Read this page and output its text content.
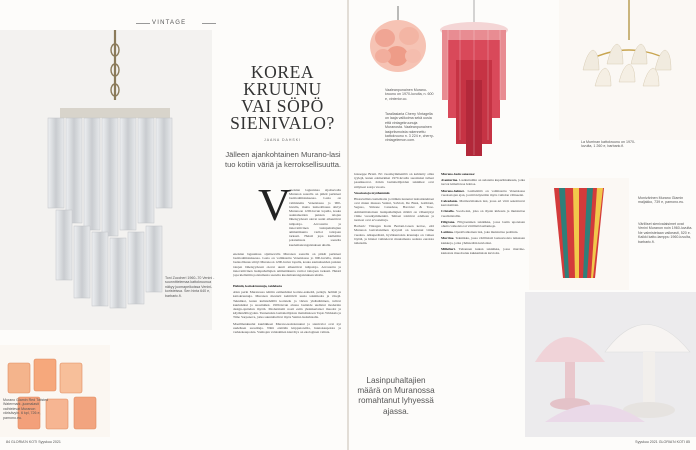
VINTAGE
Toni Zuccheri 1960–70 Venini -suunnittelemaa kattokruunua näkyy juomapeikoissa Venini-koristeissa. Sen hinta 640 e, barbaric.fi.
Murano Glamin Red Twisted Watermark -juomalasit vaihtelevat Muranon värisävyin. 6 kpl, 726 e, pamono.eu.
KOREA
KRUUNU
VAI SÖPÖ
SIENIVALO?
JAANA DAHSKI
Jälleen ajankohtainen Murano-lasi tuo kotiin väriä ja kerroksellisuutta.
V
enetsian laguunissa sijaitsevalla Muranon saarella on pitkät perinteet lasinvalmistuksessa. Lasia on valmistettu Venetsiassa jo 900-luvulla, mutta lasiteollisuus siirtyi Muranoon 1200-luvun lopulla, koska asuinalueiden puisten talojen läheisyydessä olevat uunit aiheuttivat tulipaloja. Arvostettu ja innovatiivinen lasinpuhallajien ammattikunta vartioi taitojaan tarkasti. Heistä jopa kiellettiin poistumasta saarelta kuolemanrangaistuksen uhalla.
enetsian laguunissa sijaitsevalla Muranon saarella on pitkät perinteet lasinvalmistuksessa. Lasia on valmistettu Venetsiassa jo 900-luvulla, mutta lasiteollisuus siirtyi Muranoon 1200-luvun lopulla, koska asuinalueiden puisten talojen läheisyydessä olevat uunit aiheuttivat tulipaloja. Arvostettu ja innovatiivinen lasinpuhallajien ammattikunta vartioi taitojaan tarkasti. Heistä jopa kiellettiin poistumasta saarelta kuolemanrangaistuksen uhalla.

Helmiä, kattokruunuja, taidelasia

Alun perin Muranossa tehtiin esimerkiksi koriste-esineitä, peilejä, helmiä ja kattokruunuja. Muranon mestarit kehittivät uusia tekniikoita ja värejä. Tekniikat, kuten kultalehdillä koristelu ja värien yhdistäminen, tulivat kuuluisiksi ja suosituiksi. 1900-luvun alussa lasitaide uudistui modernin design-ajattelun myötä. Modernismi nosti esiin yksinkertaiset muodot ja käytännöllisyyden. Tunnetuista lasitaiteilijoista mainittakoon Tapio Wirkkala ja Timo Sarpaneva, jotka suunnittelivat myös Venini-lasitehtaalle.

Maailmankuulut kuubikkaat Murano-kattokruunut ja sienivalot ovat nyt uudelleen suosittuja. Niitä etsitään kirpputoreilta, huutokaupoista ja verkkokaupoista. Vanhojen valaisimien kierrätys on ekologinen valinta.

84 GLORIA'N KOTI Syyskuu 2021
Vaaleanpunainen Murano-kruunu on 1970-luvulta, n. 600 e, vinterior.co.
Tarallasiaria Cherry Vintagella on laaja valikoima sekä uusia että vintagekruunuja Muranosta. Vaaleanpunainen lasipriismoista rakennettu kattokruunu n. 3 224 e, cherry-vintagelemon.com.	La Murrinan kattokruunu on 1970-luvulta, 1 260 e, barbaric.fi.

Giuseppe Briati. Eri vuosikymmeniltä on kehitetty omia tyylejä, kuten esimerkiksi 1970-luvulla suosituksi tulleet paasikuorrat. Jotkin lasitaiteilijoiden tekniikat ovat säilyneet satoja vuosia.

Vuosisatoja myöhemmin

Historiallisia lasitehtaita ja tätäkin tunnetut lasitaidetehtaat ovat muun muassa Venini, Salviati, De Biasi, Gabbiani, Seguso, Simone Cenedese, Barovier & Toso. Ammattitaitoinen lasinpuhallajien määrä on vähentynyt viime vuosikymmeninä. Tehtaat toimivat edelleen ja tuotteet ovat arvostettuja.

Barbaric Vintagen Katia Bertani-Green kertoo, että Muranon lasivalaisimen kysyntä on kasvanut viime vuosina. Alkuperäisiä, hyväkuntoisia kruunuja on vaikea löytää, ja hinnat vaihtelevat muutamasta sadasta euroista tuhansiin.

Lasinpuhaltajien määrä on Muranossa romahtanut lyhyessä ajassa.

Murano-lasin sanastoa:

Aventurine. Lasikuituihin on sulatettu kuparihiukkasia, jotka tuovat kimaltavaa hohtoa.

Murano-helmet. Lasihelmiä on valmistettu Venetsiassa vuosisatojen ajan, ja niitä käytettiin myös vaihdon välineenä.

Calcedonio. Marmorimainen lasi, jossa eri värit sekoittuvat kerroksittain.

Cristallo. Sooda-lasi, joka on täysin kirkasta ja muistuttaa vuorikristallia.

Filigrana. Filigraaninen tekniikka, jossa lasiin upotetaan ohuita valkoisia tai värillisiä lasilankoja.

Lattimo. Opaalivalkoinen lasi, joka muistuttaa posliinia.

Murrine. Tekniikka, jossa värillisistä lasisauvoista leikataan kiekkoja, jotka yhdistetään kuvioiksi.

Millefiori. Tuhannen kukan tekniikka, jossa murrine-kiekoista muodostuu kukkamaisia kuvioita.

Monivärinen Murano Glamin maljakko, 739 e, pamono.eu.
Värilliset sienivalaisimet ovat Venini Muranon noin 1960-luvulta. Ne valmistetaan vaikeasti, 520 e. Kaikki katto-lamppu 1960-luvulta, barbaric.fi.
Syyskuu 2021 GLORIA'N KOTI 85
